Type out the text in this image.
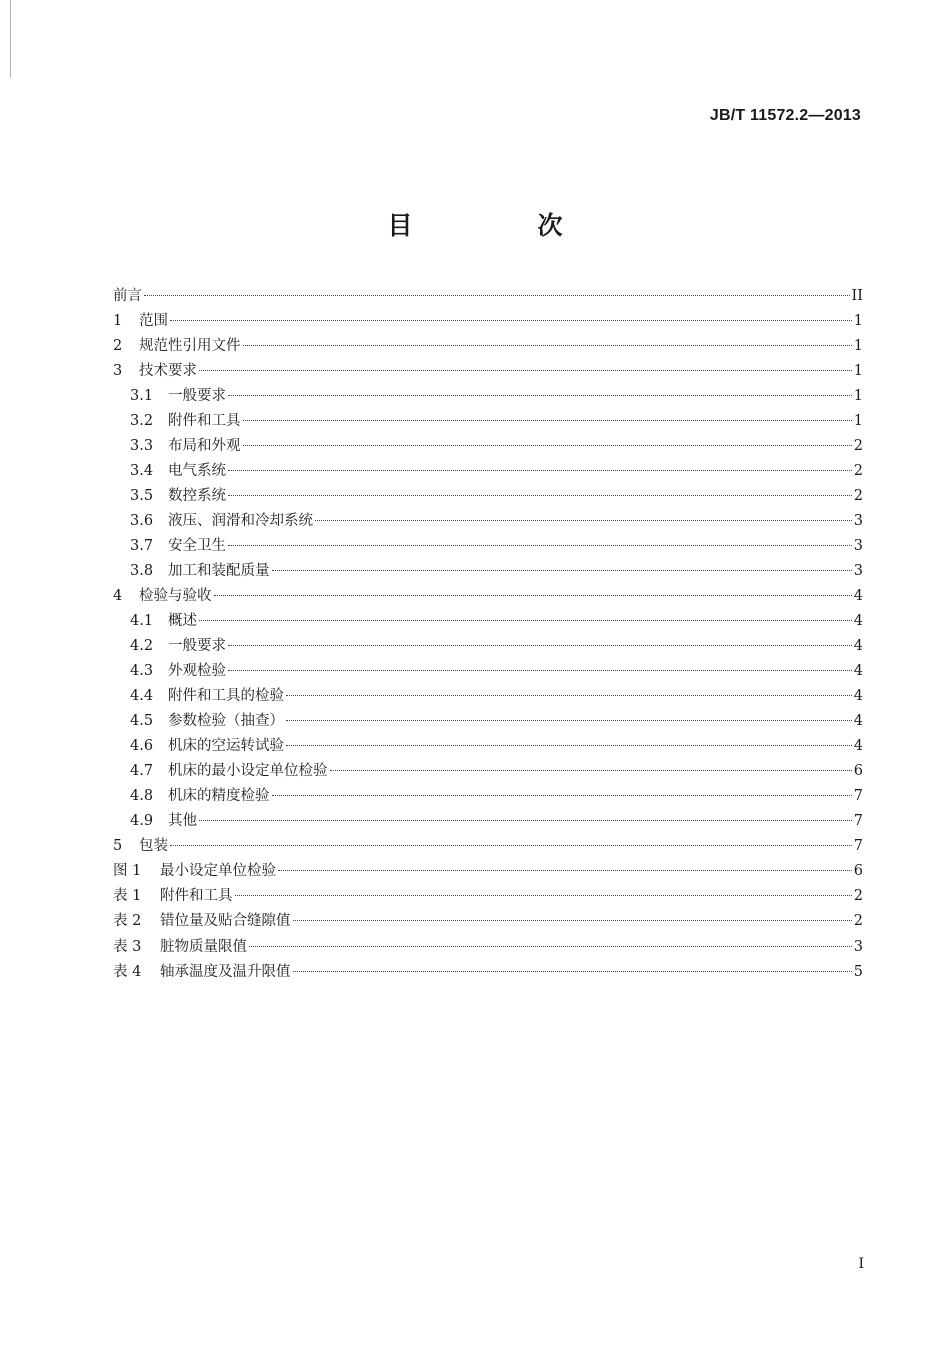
JB/T 11572.2—2013
目　次
前言	II
1	范围	1
2	规范性引用文件	1
3	技术要求	1
3.1	一般要求	1
3.2	附件和工具	1
3.3	布局和外观	2
3.4	电气系统	2
3.5	数控系统	2
3.6	液压、润滑和冷却系统	3
3.7	安全卫生	3
3.8	加工和装配质量	3
4	检验与验收	4
4.1	概述	4
4.2	一般要求	4
4.3	外观检验	4
4.4	附件和工具的检验	4
4.5	参数检验（抽查）	4
4.6	机床的空运转试验	4
4.7	机床的最小设定单位检验	6
4.8	机床的精度检验	7
4.9	其他	7
5	包装	7
图 1	最小设定单位检验	6
表 1	附件和工具	2
表 2	错位量及贴合缝隙值	2
表 3	脏物质量限值	3
表 4	轴承温度及温升限值	5
I
